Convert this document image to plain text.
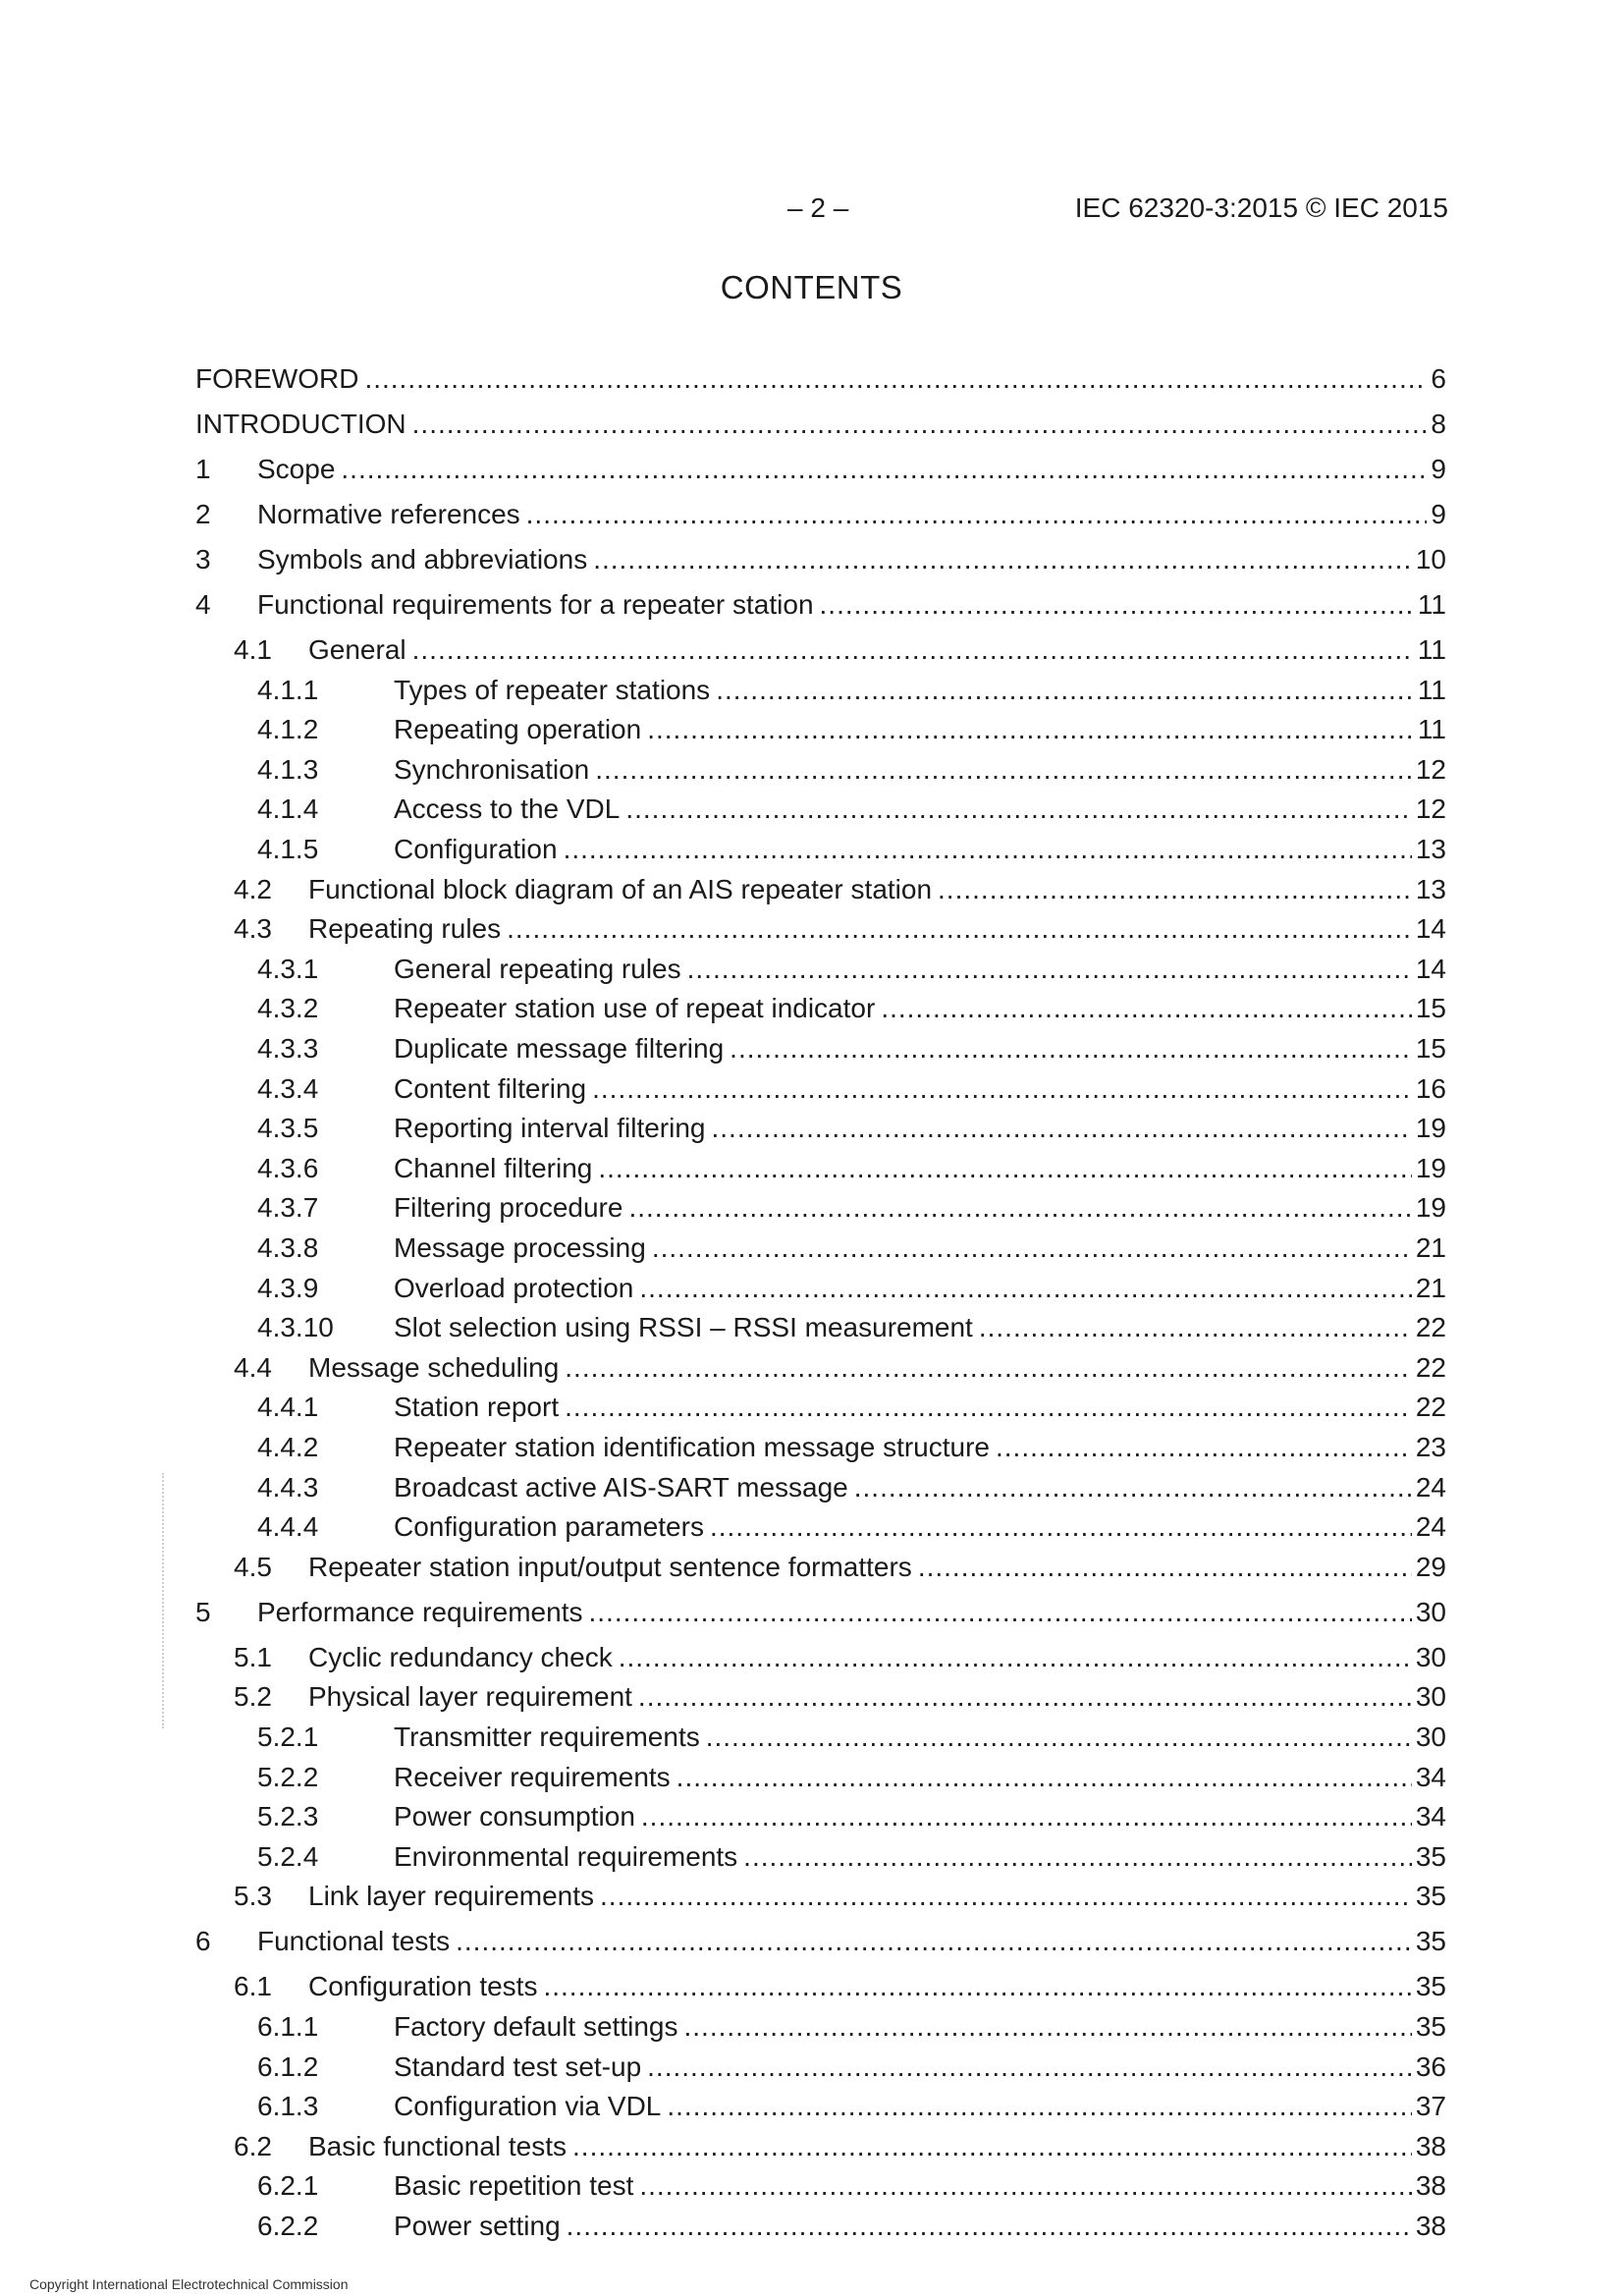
– 2 –	IEC 62320-3:2015 © IEC 2015
CONTENTS
FOREWORD .....	6
INTRODUCTION .....	8
1	Scope .....	9
2	Normative references .....	9
3	Symbols and abbreviations .....	10
4	Functional requirements for a repeater station .....	11
4.1	General .....	11
4.1.1	Types of repeater stations .....	11
4.1.2	Repeating operation .....	11
4.1.3	Synchronisation .....	12
4.1.4	Access to the VDL .....	12
4.1.5	Configuration .....	13
4.2	Functional block diagram of an AIS repeater station .....	13
4.3	Repeating rules .....	14
4.3.1	General repeating rules .....	14
4.3.2	Repeater station use of repeat indicator .....	15
4.3.3	Duplicate message filtering .....	15
4.3.4	Content filtering .....	16
4.3.5	Reporting interval filtering .....	19
4.3.6	Channel filtering .....	19
4.3.7	Filtering procedure .....	19
4.3.8	Message processing .....	21
4.3.9	Overload protection .....	21
4.3.10	Slot selection using RSSI – RSSI measurement .....	22
4.4	Message scheduling .....	22
4.4.1	Station report .....	22
4.4.2	Repeater station identification message structure .....	23
4.4.3	Broadcast active AIS-SART message .....	24
4.4.4	Configuration parameters .....	24
4.5	Repeater station input/output sentence formatters .....	29
5	Performance requirements .....	30
5.1	Cyclic redundancy check .....	30
5.2	Physical layer requirement .....	30
5.2.1	Transmitter requirements .....	30
5.2.2	Receiver requirements .....	34
5.2.3	Power consumption .....	34
5.2.4	Environmental requirements .....	35
5.3	Link layer requirements .....	35
6	Functional tests .....	35
6.1	Configuration tests .....	35
6.1.1	Factory default settings .....	35
6.1.2	Standard test set-up .....	36
6.1.3	Configuration via VDL .....	37
6.2	Basic functional tests .....	38
6.2.1	Basic repetition test .....	38
6.2.2	Power setting .....	38
Copyright International Electrotechnical Commission
